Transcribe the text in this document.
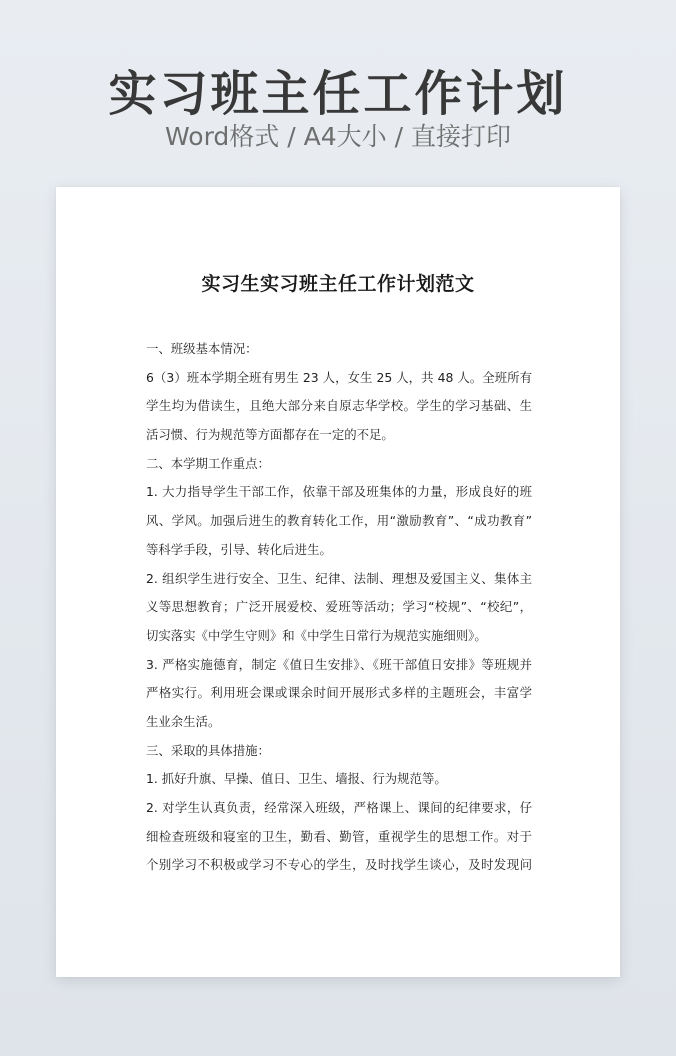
实习班主任工作计划
Word格式 / A4大小 / 直接打印
实习生实习班主任工作计划范文
一、班级基本情况：
6（3）班本学期全班有男生 23 人，女生 25 人，共 48 人。全班所有
学生均为借读生，且绝大部分来自原志华学校。学生的学习基础、生
活习惯、行为规范等方面都存在一定的不足。
二、本学期工作重点：
1. 大力指导学生干部工作，依靠干部及班集体的力量，形成良好的班
风、学风。加强后进生的教育转化工作，用“激励教育”、“成功教育”
等科学手段，引导、转化后进生。
2. 组织学生进行安全、卫生、纪律、法制、理想及爱国主义、集体主
义等思想教育；广泛开展爱校、爱班等活动；学习“校规”、“校纪”，
切实落实《中学生守则》和《中学生日常行为规范实施细则》。
3. 严格实施德育，制定《值日生安排》、《班干部值日安排》等班规并
严格实行。利用班会课或课余时间开展形式多样的主题班会，丰富学
生业余生活。
三、采取的具体措施：
1. 抓好升旗、早操、值日、卫生、墙报、行为规范等。
2. 对学生认真负责，经常深入班级，严格课上、课间的纪律要求，仔
细检查班级和寝室的卫生，勤看、勤管，重视学生的思想工作。对于
个别学习不积极或学习不专心的学生，及时找学生谈心，及时发现问
